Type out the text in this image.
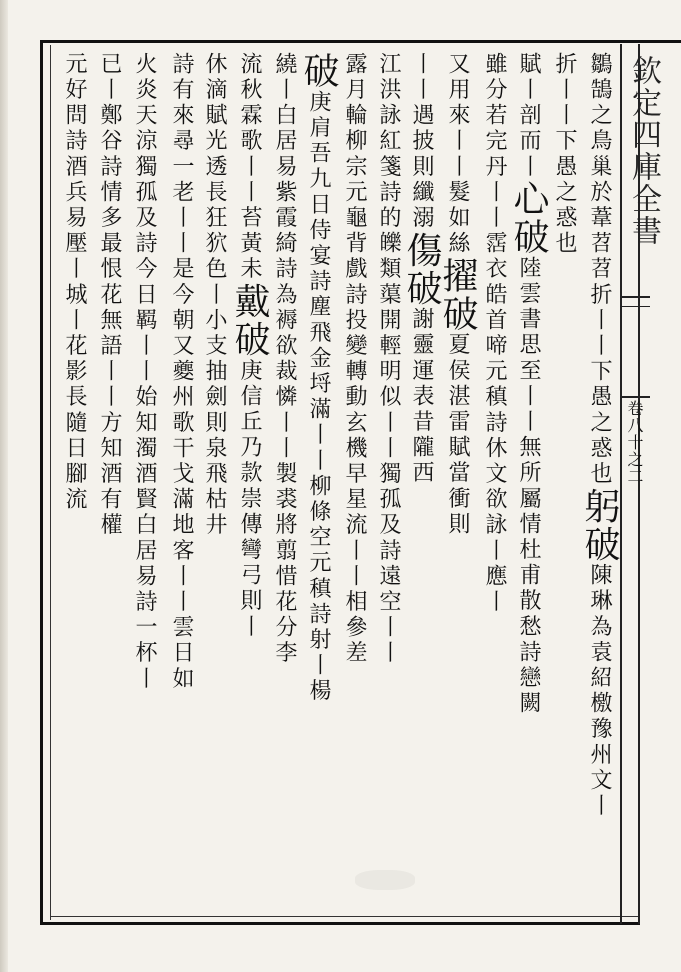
欽定四庫全書
卷八十之二
鶵鵠之鳥巢於葦苕苕折丨丨下愚之惑也躬破陳琳為袁紹檄豫州文丨
折丨丨下愚之惑也
賦丨剖而丨心破陸雲書思至丨丨無所屬情杜甫散愁詩戀闕
雖分若完丹丨丨霑衣皓首啼元稹詩休文欲詠丨應丨
又用來丨丨髮如絲擢破夏侯湛雷賦當衝則
丨丨遇披則纖溺傷破謝靈運表昔隴西
江洪詠紅箋詩的皪類蕖開輕明似丨丨獨孤及詩遠空丨丨
露月輪柳宗元龜背戲詩投變轉動玄機早星流丨丨相參差
破庚肩吾九日侍宴詩塵飛金埒滿丨丨柳條空元稹詩射丨楊
繞丨白居易紫霞綺詩為褥欲裁憐丨丨製裘將翦惜花分李
流秋霖歌丨丨苔黃未戴破庚信丘乃款崇傳彎弓則丨
休滴賦光透長狂狖色丨小支抽劍則泉飛枯井
詩有來尋一老丨丨是今朝又夔州歌干戈滿地客丨丨雲日如
火炎天涼獨孤及詩今日羁丨丨始知濁酒賢白居易詩一杯丨
已丨鄭谷詩情多最恨花無語丨丨方知酒有權
元好問詩酒兵易壓丨城丨花影長隨日腳流
